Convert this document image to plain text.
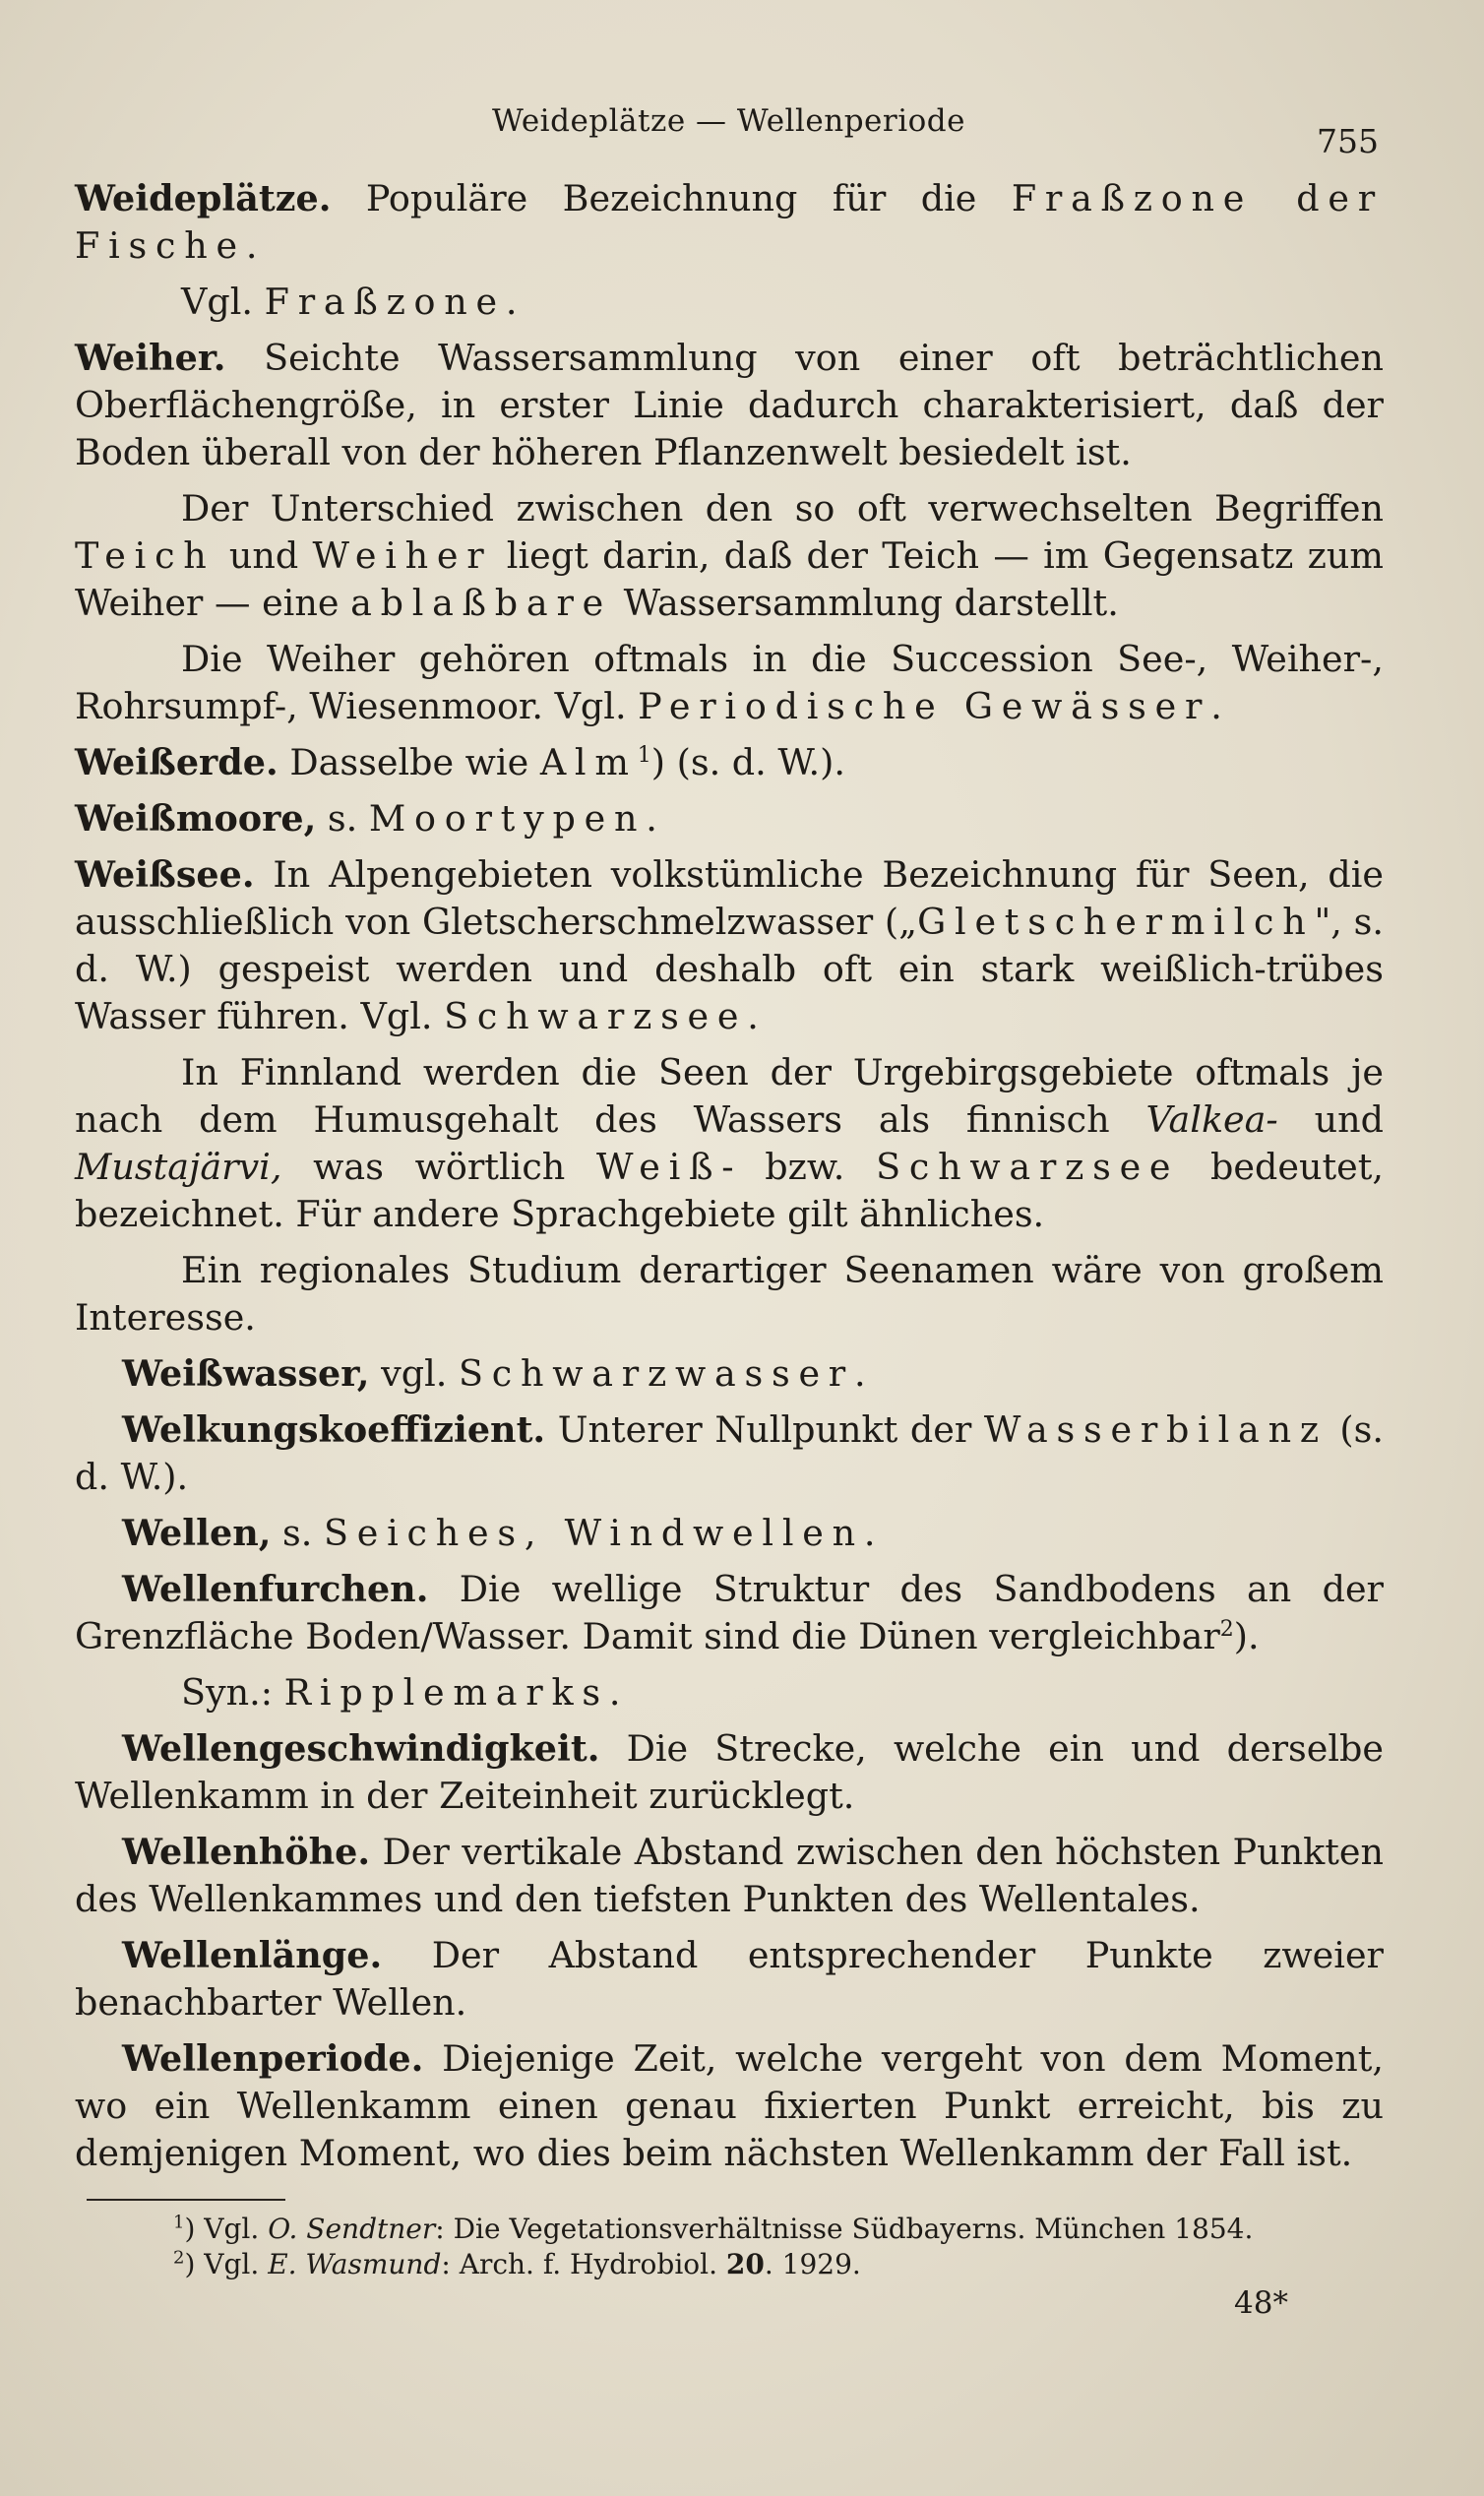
Weideplätze — Wellenperiode
755

Weideplätze. Populäre Bezeichnung für die Fraßzone der Fische.

Vgl. Fraßzone.

Weiher. Seichte Wassersammlung von einer oft beträchtlichen Oberflächengröße, in erster Linie dadurch charakterisiert, daß der Boden überall von der höheren Pflanzenwelt besiedelt ist.

Der Unterschied zwischen den so oft verwechselten Begriffen Teich und Weiher liegt darin, daß der Teich — im Gegensatz zum Weiher — eine ablaßbare Wassersammlung darstellt.

Die Weiher gehören oftmals in die Succession See-, Weiher-, Rohrsumpf-, Wiesenmoor. Vgl. Periodische Gewässer.

Weißerde. Dasselbe wie Alm$^1$) (s. d. W.).

Weißmoore, s. Moortypen.

Weißsee. In Alpengebieten volkstümliche Bezeichnung für Seen, die ausschließlich von Gletscherschmelzwasser („Gletschermilch", s. d. W.) gespeist werden und deshalb oft ein stark weißlich-trübes Wasser führen. Vgl. Schwarzsee.

In Finnland werden die Seen der Urgebirgsgebiete oftmals je nach dem Humusgehalt des Wassers als finnisch Valkea- und Mustajärvi, was wörtlich Weiß- bzw. Schwarzsee bedeutet, bezeichnet. Für andere Sprachgebiete gilt ähnliches.

Ein regionales Studium derartiger Seenamen wäre von großem Interesse.

Weißwasser, vgl. Schwarzwasser.

Welkungskoeffizient. Unterer Nullpunkt der Wasserbilanz (s. d. W.).

Wellen, s. Seiches, Windwellen.

Wellenfurchen. Die wellige Struktur des Sandbodens an der Grenzfläche Boden/Wasser. Damit sind die Dünen vergleichbar$^2$).

Syn.: Ripplemarks.

Wellengeschwindigkeit. Die Strecke, welche ein und derselbe Wellenkamm in der Zeiteinheit zurücklegt.

Wellenhöhe. Der vertikale Abstand zwischen den höchsten Punkten des Wellenkammes und den tiefsten Punkten des Wellentales.

Wellenlänge. Der Abstand entsprechender Punkte zweier benachbarter Wellen.

Wellenperiode. Diejenige Zeit, welche vergeht von dem Moment, wo ein Wellenkamm einen genau fixierten Punkt erreicht, bis zu demjenigen Moment, wo dies beim nächsten Wellenkamm der Fall ist.

$^1$) Vgl. O. Sendtner: Die Vegetationsverhältnisse Südbayerns. München 1854.
$^2$) Vgl. E. Wasmund: Arch. f. Hydrobiol. 20. 1929.
48*
